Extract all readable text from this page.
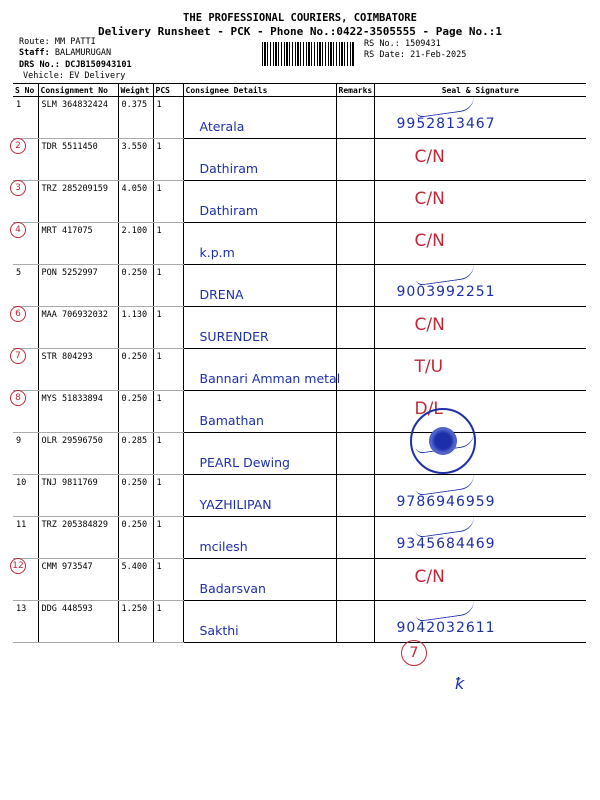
THE PROFESSIONAL COURIERS, COIMBATORE
Delivery Runsheet - PCK - Phone No.:0422-3505555 - Page No.:1
Route: MM PATTI
Staff: BALAMURUGAN
DRS No.: DCJB150943101
Vehicle: EV Delivery
RS No.: 1509431
RS Date: 21-Feb-2025
S No	Consignment No	Weight	PCS	Consignee Details	Remarks	Seal & Signature
1	SLM 364832424	0.375	1	Aterala		9952813467

2	TDR 5511450	3.550	1	Dathiram		C/N

3	TRZ 285209159	4.050	1	Dathiram		C/N

4	MRT 417075	2.100	1	k.p.m		C/N

5	PON 5252997	0.250	1	DRENA		9003992251

6	MAA 706932032	1.130	1	SURENDER		C/N

7	STR 804293	0.250	1	Bannari Amman metal		T/U

8	MYS 51833894	0.250	1	Bamathan		D/L

9	OLR 29596750	0.285	1	PEARL Dewing		

10	TNJ 9811769	0.250	1	YAZHILIPAN		9786946959

11	TRZ 205384829	0.250	1	mcilesh		9345684469

12	CMM 973547	5.400	1	Badarsvan		C/N

13	DDG 448593	1.250	1	Sakthi		9042032611
7
ꝁ
